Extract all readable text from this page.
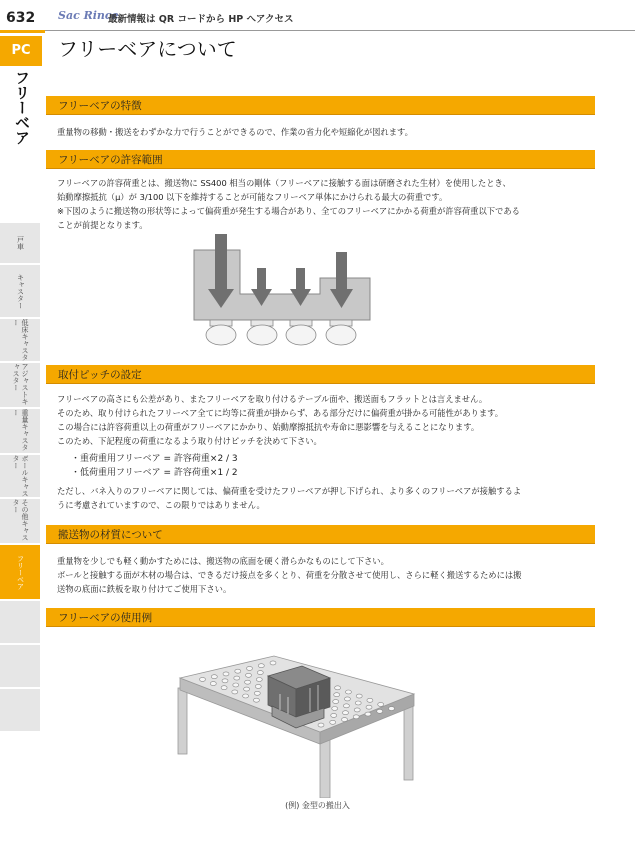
632	Sac Rince
最新情報は QR コードから HP へアクセス
PC	フリーベアについて
フリーベア
戸車
キャスター
低床キャスター
アジャストキャスター
重量キャスター
ボールキャスター
その他キャスター
フリーベア
フリーベアの特徴

重量物の移動・搬送をわずかな力で行うことができるので、作業の省力化や短縮化が図れます。

フリーベアの許容範囲

フリーベアの許容荷重とは、搬送物に SS400 相当の剛体（フリーベアに接触する面は研磨された生材）を使用したとき、

始動摩擦抵抗（μ）が 3/100 以下を維持することが可能なフリーベア単体にかけられる最大の荷重です。

※下図のように搬送物の形状等によって偏荷重が発生する場合があり、全てのフリーベアにかかる荷重が許容荷重以下である

ことが前提となります。

取付ピッチの設定

フリーベアの高さにも公差があり、またフリーベアを取り付けるテーブル面や、搬送面もフラットとは言えません。

そのため、取り付けられたフリーベア全てに均等に荷重が掛からず、ある部分だけに偏荷重が掛かる可能性があります。

この場合には許容荷重以上の荷重がフリーベアにかかり、始動摩擦抵抗や寿命に悪影響を与えることになります。

このため、下記程度の荷重になるよう取り付けピッチを決めて下さい。

・重荷重用フリーベア = 許容荷重×2 / 3

・低荷重用フリーベア = 許容荷重×1 / 2

ただし、バネ入りのフリーベアに関しては、偏荷重を受けたフリーベアが押し下げられ、より多くのフリーベアが接触するよ

うに考慮されていますので、この限りではありません。

搬送物の材質について

重量物を少しでも軽く動かすためには、搬送物の底面を硬く滑らかなものにして下さい。

ボールと接触する面が木材の場合は、できるだけ接点を多くとり、荷重を分散させて使用し、さらに軽く搬送するためには搬

送物の底面に鉄板を取り付けてご使用下さい。

フリーベアの使用例
(例) 金型の搬出入
